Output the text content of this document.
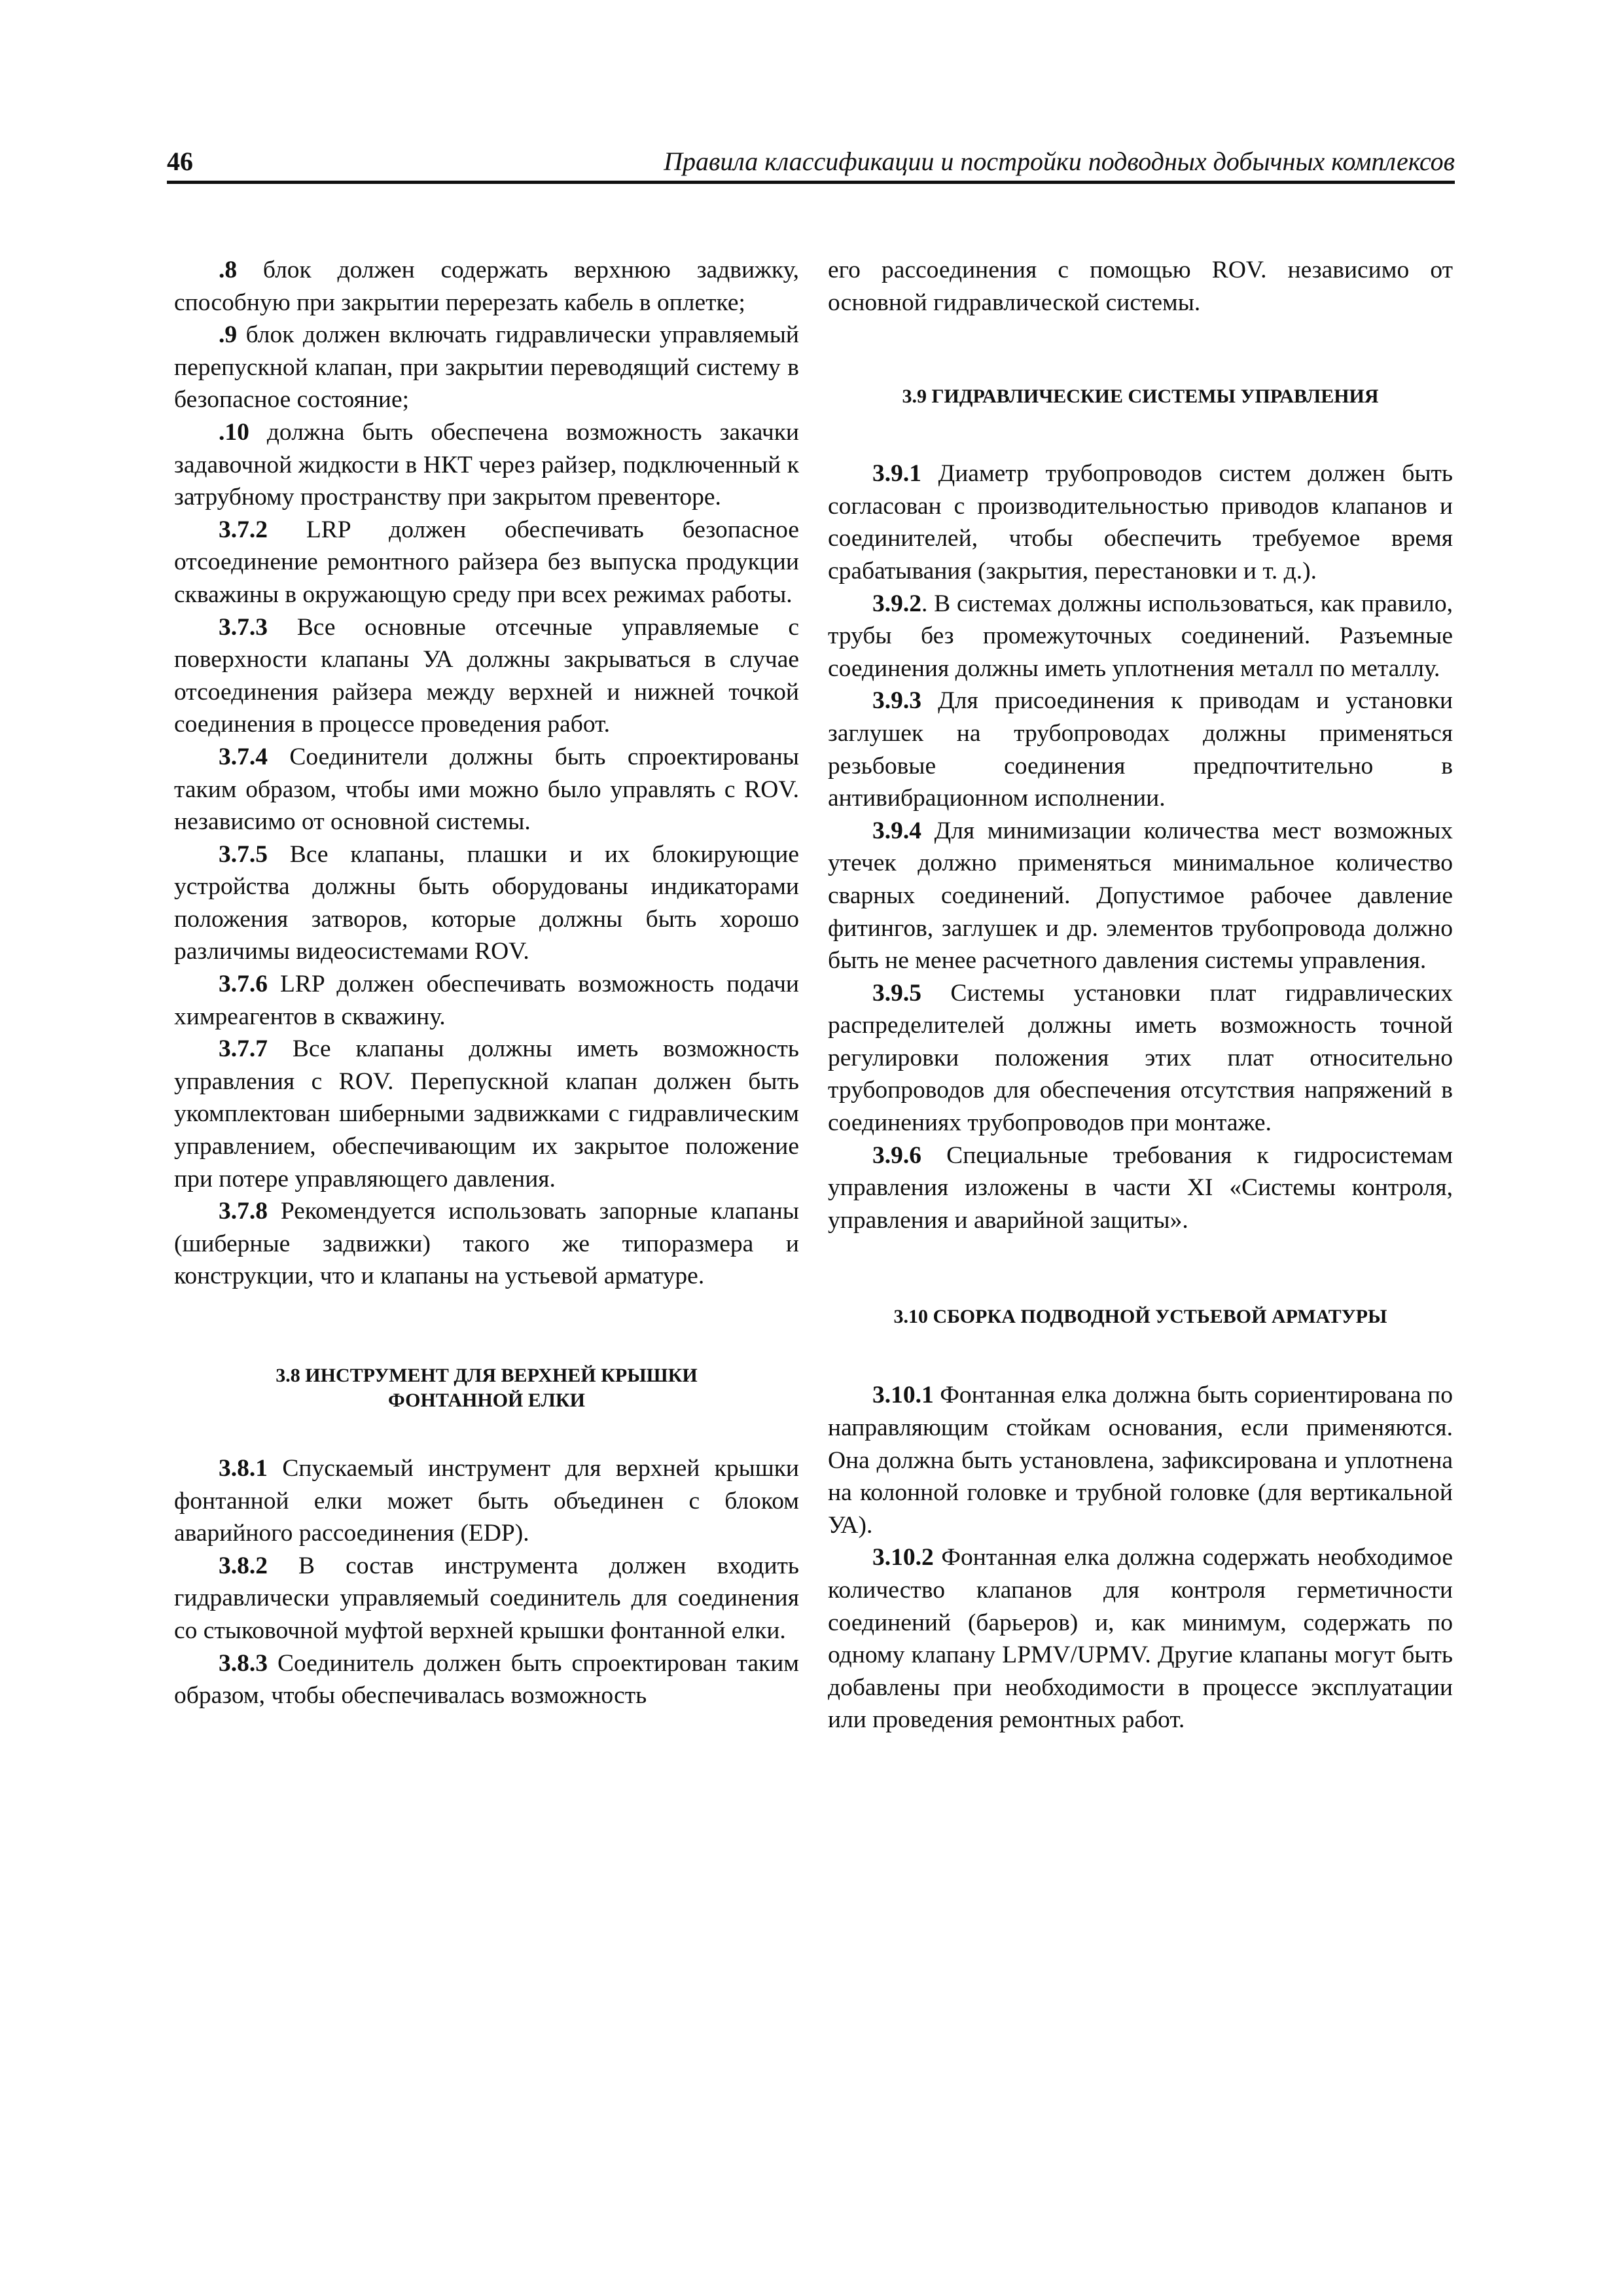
46	Правила классификации и постройки подводных добычных комплексов

.8 блок должен содержать верхнюю задвижку, способную при закрытии перерезать кабель в оплетке;

.9 блок должен включать гидравлически управляемый перепускной клапан, при закрытии переводящий систему в безопасное состояние;

.10 должна быть обеспечена возможность закачки задавочной жидкости в НКТ через райзер, подключенный к затрубному пространству при закрытом превенторе.

3.7.2 LRP должен обеспечивать безопасное отсоединение ремонтного райзера без выпуска продукции скважины в окружающую среду при всех режимах работы.

3.7.3 Все основные отсечные управляемые с поверхности клапаны УА должны закрываться в случае отсоединения райзера между верхней и нижней точкой соединения в процессе проведения работ.

3.7.4 Соединители должны быть спроектированы таким образом, чтобы ими можно было управлять с ROV. независимо от основной системы.

3.7.5 Все клапаны, плашки и их блокирующие устройства должны быть оборудованы индикаторами положения затворов, которые должны быть хорошо различимы видеосистемами ROV.

3.7.6 LRP должен обеспечивать возможность подачи химреагентов в скважину.

3.7.7 Все клапаны должны иметь возможность управления с ROV. Перепускной клапан должен быть укомплектован шиберными задвижками с гидравлическим управлением, обеспечивающим их закрытое положение при потере управляющего давления.

3.7.8 Рекомендуется использовать запорные клапаны (шиберные задвижки) такого же типоразмера и конструкции, что и клапаны на устьевой арматуре.

3.8 ИНСТРУМЕНТ ДЛЯ ВЕРХНЕЙ КРЫШКИ
ФОНТАННОЙ ЕЛКИ

3.8.1 Спускаемый инструмент для верхней крышки фонтанной елки может быть объединен с блоком аварийного рассоединения (EDP).

3.8.2 В состав инструмента должен входить гидравлически управляемый соединитель для соединения со стыковочной муфтой верхней крышки фонтанной елки.

3.8.3 Соединитель должен быть спроектирован таким образом, чтобы обеспечивалась возможность

его рассоединения с помощью ROV. независимо от основной гидравлической системы.

3.9 ГИДРАВЛИЧЕСКИЕ СИСТЕМЫ УПРАВЛЕНИЯ

3.9.1 Диаметр трубопроводов систем должен быть согласован с производительностью приводов клапанов и соединителей, чтобы обеспечить требуемое время срабатывания (закрытия, перестановки и т. д.).

3.9.2. В системах должны использоваться, как правило, трубы без промежуточных соединений. Разъемные соединения должны иметь уплотнения металл по металлу.

3.9.3 Для присоединения к приводам и установки заглушек на трубопроводах должны применяться резьбовые соединения предпочтительно в антивибрационном исполнении.

3.9.4 Для минимизации количества мест возможных утечек должно применяться минимальное количество сварных соединений. Допустимое рабочее давление фитингов, заглушек и др. элементов трубопровода должно быть не менее расчетного давления системы управления.

3.9.5 Системы установки плат гидравлических распределителей должны иметь возможность точной регулировки положения этих плат относительно трубопроводов для обеспечения отсутствия напряжений в соединениях трубопроводов при монтаже.

3.9.6 Специальные требования к гидросистемам управления изложены в части XI «Системы контроля, управления и аварийной защиты».

3.10 СБОРКА ПОДВОДНОЙ УСТЬЕВОЙ АРМАТУРЫ

3.10.1 Фонтанная елка должна быть сориентирована по направляющим стойкам основания, если применяются. Она должна быть установлена, зафиксирована и уплотнена на колонной головке и трубной головке (для вертикальной УА).

3.10.2 Фонтанная елка должна содержать необходимое количество клапанов для контроля герметичности соединений (барьеров) и, как минимум, содержать по одному клапану LPMV/UPMV. Другие клапаны могут быть добавлены при необходимости в процессе эксплуатации или проведения ремонтных работ.
